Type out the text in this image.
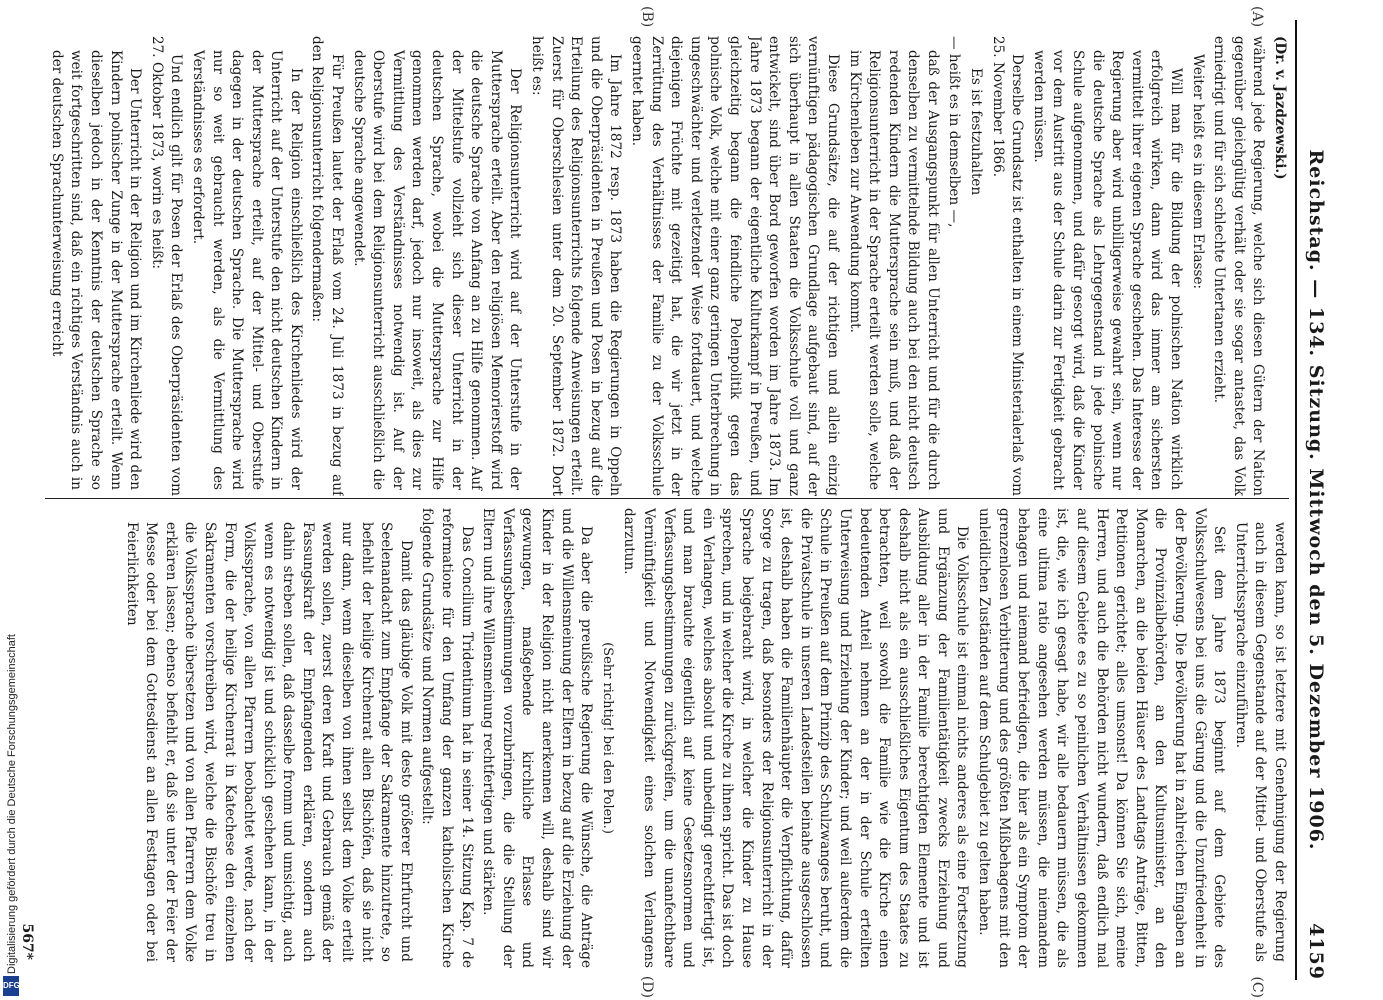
Reichstag. — 134. Sitzung. Mittwoch den 5. Dezember 1906.
4159
(A)
(B)
(C)
(D)

(Dr. v. Jazdzewski.)

während jede Regierung, welche sich diesen Gütern der Nation gegenüber gleichgültig verhält oder sie sogar antastet, das Volk erniedrigt und für sich schlechte Untertanen erzieht.

Weiter heißt es in diesem Erlasse:

Will man für die Bildung der polnischen Nation wirklich erfolgreich wirken, dann wird das immer am sichersten vermittelt ihrer eigenen Sprache geschehen. Das Interesse der Regierung aber wird unbilligerweise gewahrt sein, wenn nur die deutsche Sprache als Lehrgegenstand in jede polnische Schule aufgenommen, und dafür gesorgt wird, daß die Kinder vor dem Austritt aus der Schule darin zur Fertigkeit gebracht werden müssen.

Derselbe Grundsatz ist enthalten in einem Ministerialerlaß vom 25. November 1866.

Es ist festzuhalten

— heißt es in demselben —,

daß der Ausgangspunkt für allen Unterricht und für die durch denselben zu vermittelnde Bildung auch bei den nicht deutsch redenden Kindern die Muttersprache sein muß, und daß der Religionsunterricht in der Sprache erteilt werden solle, welche im Kirchenleben zur Anwendung kommt.

Diese Grundsätze, die auf der richtigen und allein einzig vernünftigen pädagogischen Grundlage aufgebaut sind, auf der sich überhaupt in allen Staaten die Volksschule voll und ganz entwickelt, sind über Bord geworfen worden im Jahre 1873. Im Jahre 1873 begann der eigentliche Kulturkampf in Preußen, und gleichzeitig begann die feindliche Polenpolitik gegen das polnische Volk, welche mit einer ganz geringen Unterbrechung in ungeschwächter und verletzender Weise fortdauert, und welche diejenigen Früchte mit gezeitigt hat, die wir jetzt in der Zerrüttung des Verhältnisses der Familie zu der Volksschule geerntet haben.

Im Jahre 1872 resp. 1873 haben die Regierungen in Oppeln und die Oberpräsidenten in Preußen und Posen in bezug auf die Erteilung des Religionsunterrichts folgende Anweisungen erteilt. Zuerst für Oberschlesien unter dem 20. September 1872. Dort heißt es:

Der Religionsunterricht wird auf der Unterstufe in der Muttersprache erteilt. Aber den religiösen Memorierstoff wird die deutsche Sprache von Anfang an zu Hilfe genommen. Auf der Mittelstufe vollzieht sich dieser Unterricht in der deutschen Sprache, wobei die Muttersprache zur Hilfe genommen werden darf, jedoch nur insoweit, als dies zur Vermittlung des Verständnisses notwendig ist. Auf der Oberstufe wird bei dem Religionsunterricht ausschließlich die deutsche Sprache angewendet.

Für Preußen lautet der Erlaß vom 24. Juli 1873 in bezug auf den Religionsunterricht folgendermaßen:

In der Religion einschließlich des Kirchenliedes wird der Unterricht auf der Unterstufe den nicht deutschen Kindern in der Muttersprache erteilt, auf der Mittel- und Oberstufe dagegen in der deutschen Sprache. Die Muttersprache wird nur so weit gebraucht werden, als die Vermittlung des Verständnisses es erfordert.

Und endlich gilt für Posen der Erlaß des Oberpräsidenten vom 27. Oktober 1873, worin es heißt:

Der Unterricht in der Religion und im Kirchenliede wird den Kindern polnischer Zunge in der Muttersprache erteilt. Wenn dieselben jedoch in der Kenntnis der deutschen Sprache so weit fortgeschritten sind, daß ein richtiges Verständnis auch in der deutschen Sprachunterweisung erreicht

werden kann, so ist letztere mit Genehmigung der Regierung auch in diesem Gegenstande auf der Mittel- und Oberstufe als Unterrichtssprache einzuführen.

Seit dem Jahre 1873 beginnt auf dem Gebiete des Volksschulwesens bei uns die Gärung und die Unzufriedenheit in der Bevölkerung. Die Bevölkerung hat in zahlreichen Eingaben an die Provinzialbehörden, an den Kultusminister, an den Monarchen, an die beiden Häuser des Landtags Anträge, Bitten, Petitionen gerichtet; alles umsonst! Da können Sie sich, meine Herren, und auch die Behörden nicht wundern, daß endlich mal auf diesem Gebiete es zu so peinlichen Verhältnissen gekommen ist, die, wie ich gesagt habe, wir alle bedauern müssen, die als eine ultima ratio angesehen werden müssen, die niemandem behagen und niemand befriedigen, die hier als ein Symptom der grenzenlosen Verbitterung und des größten Mißbehagens mit den unleidlichen Zuständen auf dem Schulgebiet zu gelten haben.

Die Volksschule ist einmal nichts anderes als eine Fortsetzung und Ergänzung der Familientätigkeit zwecks Erziehung und Ausbildung aller in der Familie berechtigten Elemente und ist deshalb nicht als ein ausschließliches Eigentum des Staates zu betrachten, weil sowohl die Familie wie die Kirche einen bedeutenden Anteil nehmen an der in der Schule erteilten Unterweisung und Erziehung der Kinder; und weil außerdem die Schule in Preußen auf dem Prinzip des Schulzwanges beruht, und die Privatschule in unseren Landesteilen beinahe ausgeschlossen ist, deshalb haben die Familienhäupter die Verpflichtung, dafür Sorge zu tragen, daß besonders der Religionsunterricht in der Sprache beigebracht wird, in welcher die Kinder zu Hause sprechen, und in welcher die Kirche zu ihnen spricht. Das ist doch ein Verlangen, welches absolut und unbedingt gerechtfertigt ist, und man brauchte eigentlich auf keine Gesetzesnormen und Verfassungsbestimmungen zurückgreifen, um die unanfechtbare Vernünftigkeit und Notwendigkeit eines solchen Verlangens darzutun.

(Sehr richtig! bei den Polen.)

Da aber die preußische Regierung die Wünsche, die Anträge und die Willensmeinung der Eltern in bezug auf die Erziehung der Kinder in der Religion nicht anerkennen will, deshalb sind wir gezwungen, maßgebende kirchliche Erlasse und Verfassungsbestimmungen vorzubringen, die die Stellung der Eltern und ihre Willensmeinung rechtfertigen und stärken.

Das Concilium Tridentinum hat in seiner 14. Sitzung Kap. 7 de reformatione für den Umfang der ganzen katholischen Kirche folgende Grundsätze und Normen aufgestellt:

Damit das gläubige Volk mit desto größerer Ehrfurcht und Seelenandacht zum Empfange der Sakramente hinzutrete, so befiehlt der heilige Kirchenrat allen Bischöfen, daß sie nicht nur dann, wenn dieselben von ihnen selbst dem Volke erteilt werden sollen, zuerst deren Kraft und Gebrauch gemäß der Fassungskraft der Empfangenden erklären, sondern auch dahin streben sollen, daß dasselbe fromm und umsichtig, auch wenn es notwendig ist und schicklich geschehen kann, in der Volkssprache, von allen Pfarrern beobachtet werde, nach der Form, die der heilige Kirchenrat in Katechese den einzelnen Sakramenten vorschreiben wird, welche die Bischöfe treu in die Volkssprache übersetzen und von allen Pfarrern dem Volke erklären lassen; ebenso befiehlt er, daß sie unter der Feier der Messe oder bei dem Gottesdienst an allen Festtagen oder bei Feierlichkeiten

567*
Digitalisierung gefördert durch die Deutsche Forschungsgemeinschaft
DFG
